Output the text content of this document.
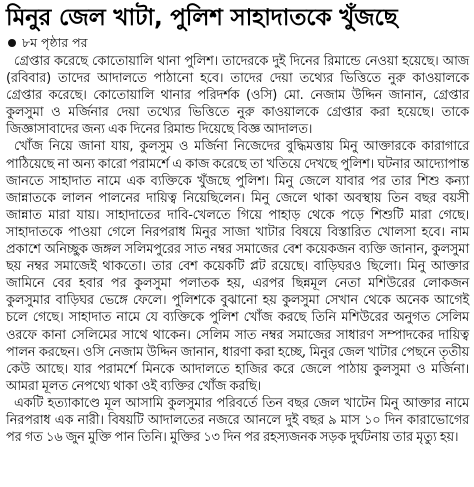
মিনুর জেল খাটা, পুলিশ সাহাদাতকে খুঁজছে
৮ম পৃষ্ঠার পর

গ্রেপ্তার করেছে কোতোয়ালি থানা পুলিশ। তাদেরকে দুই দিনের রিমান্ডে নেওয়া হয়েছে। আজ (রবিবার) তাদের আদালতে পাঠানো হবে। তাদের দেয়া তথ্যের ভিত্তিতে নুরু কাওয়ালকে গ্রেপ্তার করেছে। কোতোয়ালি থানার পরিদর্শক (ওসি) মো. নেজাম উদ্দিন জানান, গ্রেপ্তার কুলসুমা ও মর্জিনার দেয়া তথ্যের ভিত্তিতে নুরু কাওয়ালকে গ্রেপ্তার করা হয়েছে। তাকে জিজ্ঞাসাবাদের জন্য এক দিনের রিমান্ড দিয়েছে বিজ্ঞ আদালত।

খোঁজ নিয়ে জানা যায়, কুলসুম ও মর্জিনা নিজেদের বুদ্ধিমত্তায় মিনু আক্তারকে কারাগারে পাঠিয়েছে না অন্য কারো পরামর্শে এ কাজ করেছে তা খতিয়ে দেখছে পুলিশ। ঘটনার আদ্যোপান্ত জানতে সাহাদাত নামে এক ব্যক্তিকে খুঁজছে পুলিশ। মিনু জেলে যাবার পর তার শিশু কন্যা জান্নাতকে লালন পালনের দায়িত্ব নিয়েছিলেন। মিনু জেলে থাকা অবস্থায় তিন বছর বয়সী জান্নাত মারা যায়। সাহাদাতের দাবি-খেলতে গিয়ে পাহাড় থেকে পড়ে শিশুটি মারা গেছে। সাহাদাতকে পাওয়া গেলে নিরপরাধ মিনুর সাজা খাটার বিষয়ে বিস্তারিত খোলসা হবে। নাম প্রকাশে অনিচ্ছুক জঙ্গল সলিমপুরের সাত নম্বর সমাজের বেশ কয়েকজন ব্যক্তি জানান, কুলসুমা ছয় নম্বর সমাজেই থাকতো। তার বেশ কয়েকটি প্লট রয়েছে। বাড়িঘরও ছিলো। মিনু আক্তার জামিনে বের হবার পর কুলসুমা পলাতক হয়, এরপর ছিন্নমূল নেতা মশিউরের লোকজন কুলসুমার বাড়িঘর ভেঙ্গে ফেলে। পুলিশকে বুঝানো হয় কুলসুমা সেখান থেকে অনেক আগেই চলে গেছে। সাহাদাত নামে যে ব্যক্তিকে পুলিশ খোঁজ করছে তিনি মশিউরের অনুগত সেলিম ওরফে কানা সেলিমের সাথে থাকেন। সেলিম সাত নম্বর সমাজের সাধারণ সম্পাদকের দায়িত্ব পালন করছেন। ওসি নেজাম উদ্দিন জানান, ধারণা করা হচ্ছে, মিনুর জেল খাটার পেছনে তৃতীয় কেউ আছে। যার পরামর্শে মিনকে আদালতে হাজির করে জেলে পাঠায় কুলসুমা ও মর্জিনা। আমরা মূলত নেপথ্যে থাকা ওই ব্যক্তির খোঁজ করছি।

একটি হত্যাকাণ্ডে মূল আসামি কুলসুমার পরিবর্তে তিন বছর জেল খাটেন মিনু আক্তার নামে নিরপরাধ এক নারী। বিষয়টি আদালতের নজরে আনলে দুই বছর ৯ মাস ১০ দিন কারাভোগের পর গত ১৬ জুন মুক্তি পান তিনি। মুক্তির ১৩ দিন পর রহস্যজনক সড়ক দুর্ঘটনায় তার মৃত্যু হয়।
